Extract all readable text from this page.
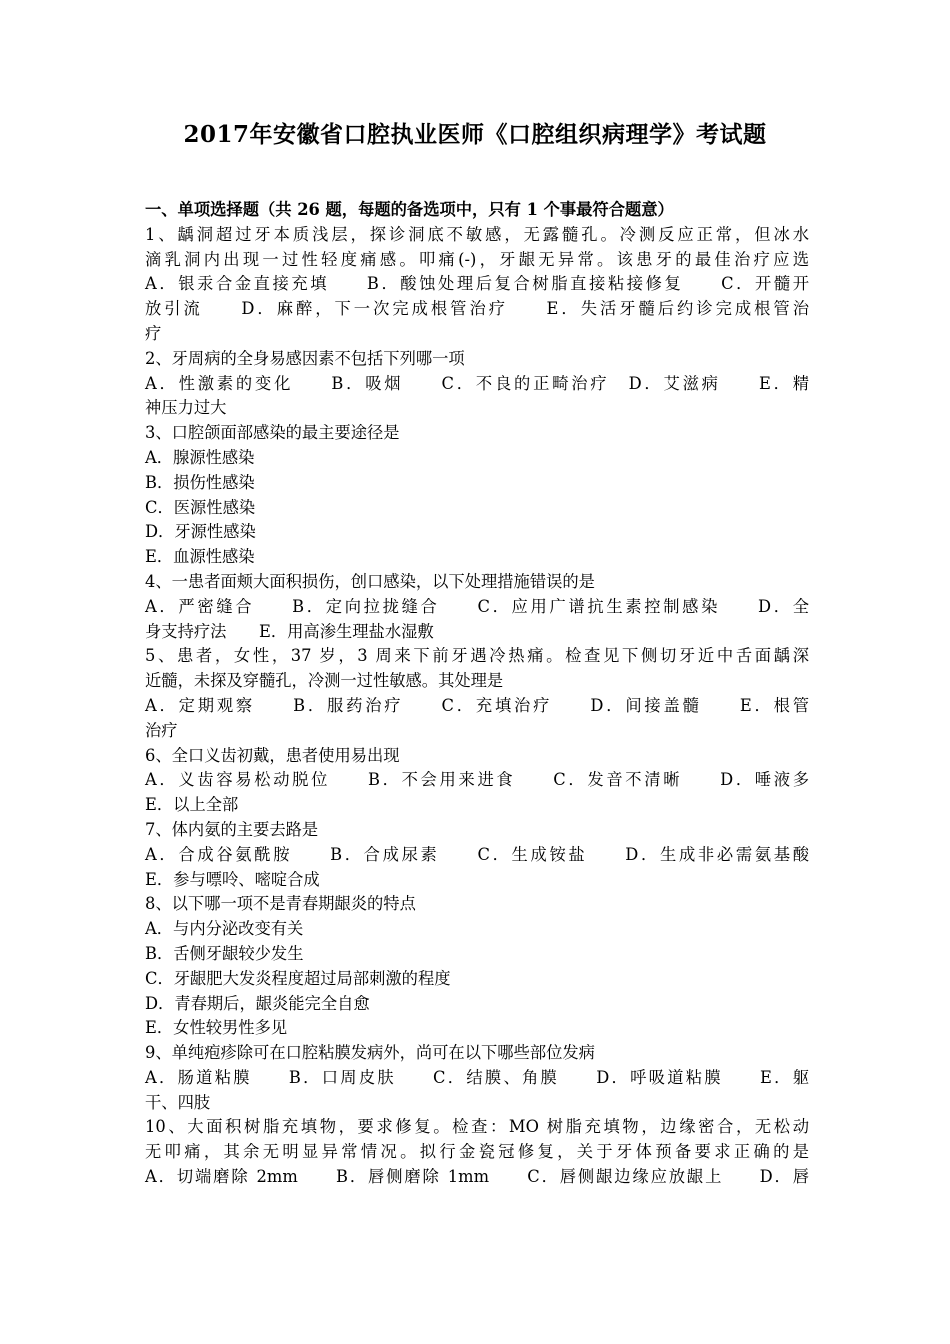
2017年安徽省口腔执业医师《口腔组织病理学》考试题
一、单项选择题（共 26 题，每题的备选项中，只有 1 个事最符合题意）
1、龋洞超过牙本质浅层，探诊洞底不敏感，无露髓孔。冷测反应正常，但冰水
滴乳洞内出现一过性轻度痛感。叩痛(-)，牙龈无异常。该患牙的最佳治疗应选
A．银汞合金直接充填　　B．酸蚀处理后复合树脂直接粘接修复　　C．开髓开
放引流　　D．麻醉，下一次完成根管治疗　　E．失活牙髓后约诊完成根管治
疗
2、牙周病的全身易感因素不包括下列哪一项
A．性激素的变化　　B．吸烟　　C．不良的正畸治疗　D．艾滋病　　E．精
神压力过大
3、口腔颌面部感染的最主要途径是
A．腺源性感染
B．损伤性感染
C．医源性感染
D．牙源性感染
E．血源性感染
4、一患者面颊大面积损伤，创口感染，以下处理措施错误的是
A．严密缝合　　B．定向拉拢缝合　　C．应用广谱抗生素控制感染　　D．全
身支持疗法　　E．用高渗生理盐水湿敷
5、患者，女性，37 岁，3 周来下前牙遇冷热痛。检查见下侧切牙近中舌面龋深
近髓，未探及穿髓孔，冷测一过性敏感。其处理是
A．定期观察　　B．服药治疗　　C．充填治疗　　D．间接盖髓　　E．根管
治疗
6、全口义齿初戴，患者使用易出现
A．义齿容易松动脱位　　B．不会用来进食　　C．发音不清晰　　D．唾液多
E．以上全部
7、体内氨的主要去路是
A．合成谷氨酰胺　　B．合成尿素　　C．生成铵盐　　D．生成非必需氨基酸
E．参与嘌呤、嘧啶合成
8、以下哪一项不是青春期龈炎的特点
A．与内分泌改变有关
B．舌侧牙龈较少发生
C．牙龈肥大发炎程度超过局部刺激的程度
D．青春期后，龈炎能完全自愈
E．女性较男性多见
9、单纯疱疹除可在口腔粘膜发病外，尚可在以下哪些部位发病
A．肠道粘膜　　B．口周皮肤　　C．结膜、角膜　　D．呼吸道粘膜　　E．躯
干、四肢
10、大面积树脂充填物，要求修复。检查：MO 树脂充填物，边缘密合，无松动
无叩痛，其余无明显异常情况。拟行金瓷冠修复，关于牙体预备要求正确的是
A．切端磨除 2mm　　B．唇侧磨除 1mm　　C．唇侧龈边缘应放龈上　　D．唇
